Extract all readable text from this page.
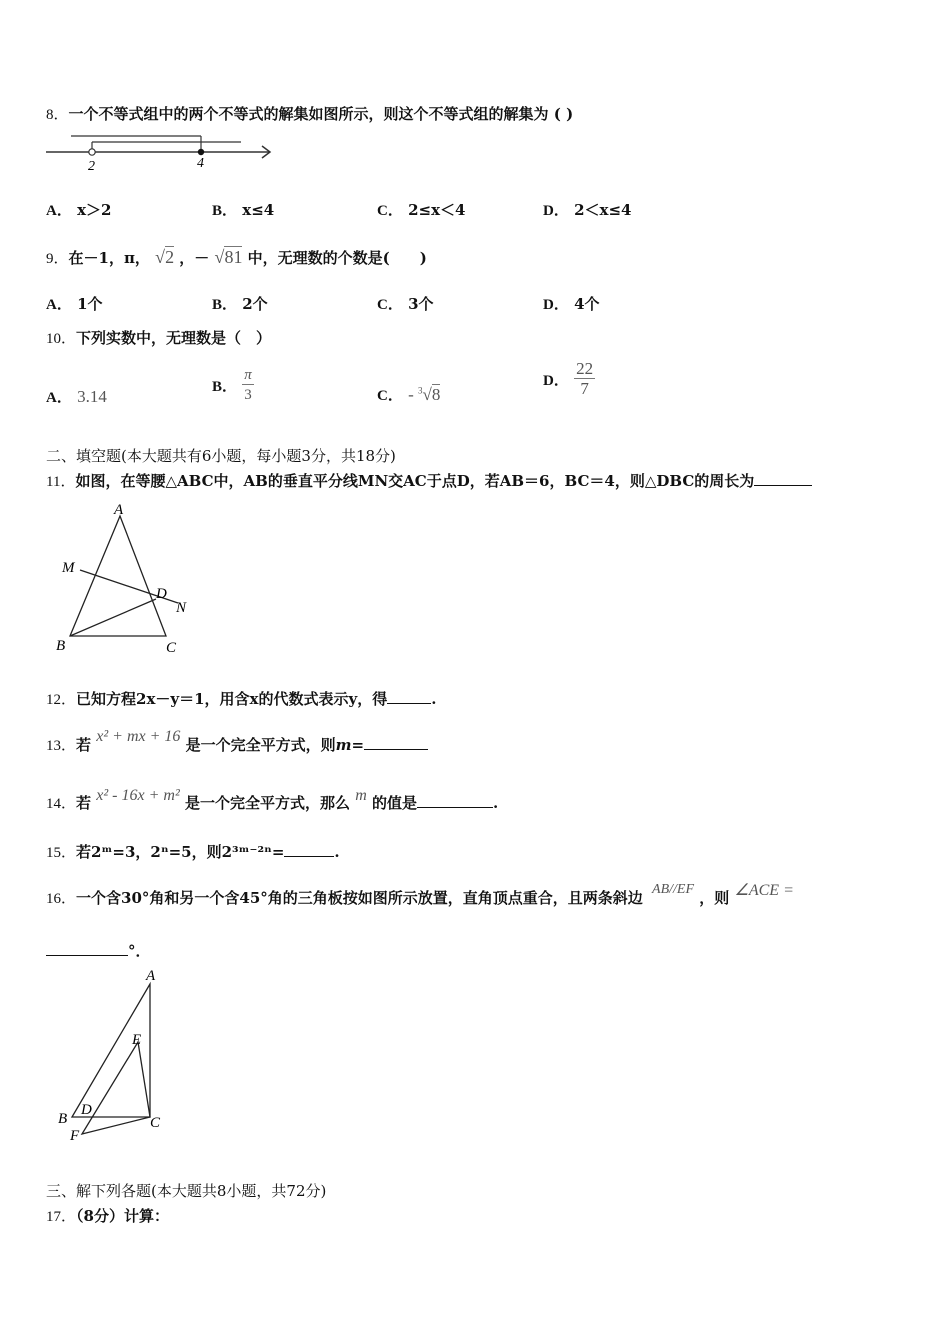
8．一个不等式组中的两个不等式的解集如图所示，则这个不等式组的解集为 ( )
2	4
A． x＞2	B． x≤4	C． 2≤x＜4	D． 2＜x≤4
9．在－1，π， √2 ，－ √81 中，无理数的个数是(　　)
A． 1个	B． 2个	C． 3个	D． 4个
10．下列实数中，无理数是（　）
A． 3.14	B． $\frac{\pi}{3}$	C． - $^3$√8
D． $\frac{22}{7}$
二、填空题(本大题共有6小题，每小题3分，共18分)
11．如图，在等腰△ABC中，AB的垂直平分线MN交AC于点D，若AB＝6，BC＝4，则△DBC的周长为
A
B	C
D
M
N
12．已知方程2x－y＝1，用含x的代数式表示y，得	.
13．若 x² + mx + 16 是一个完全平方式，则m=
14．若 x² - 16x + m² 是一个完全平方式，那么 m 的值是	.
15．若2ᵐ=3，2ⁿ=5，则2³ᵐ⁻²ⁿ=	.
16．一个含30°角和另一个含45°角的三角板按如图所示放置，直角顶点重合，且两条斜边 AB//EF ，则 ∠ACE =
°．
A
E
B
D
C
F
三、解下列各题(本大题共8小题，共72分)
17．（8分）计算：
